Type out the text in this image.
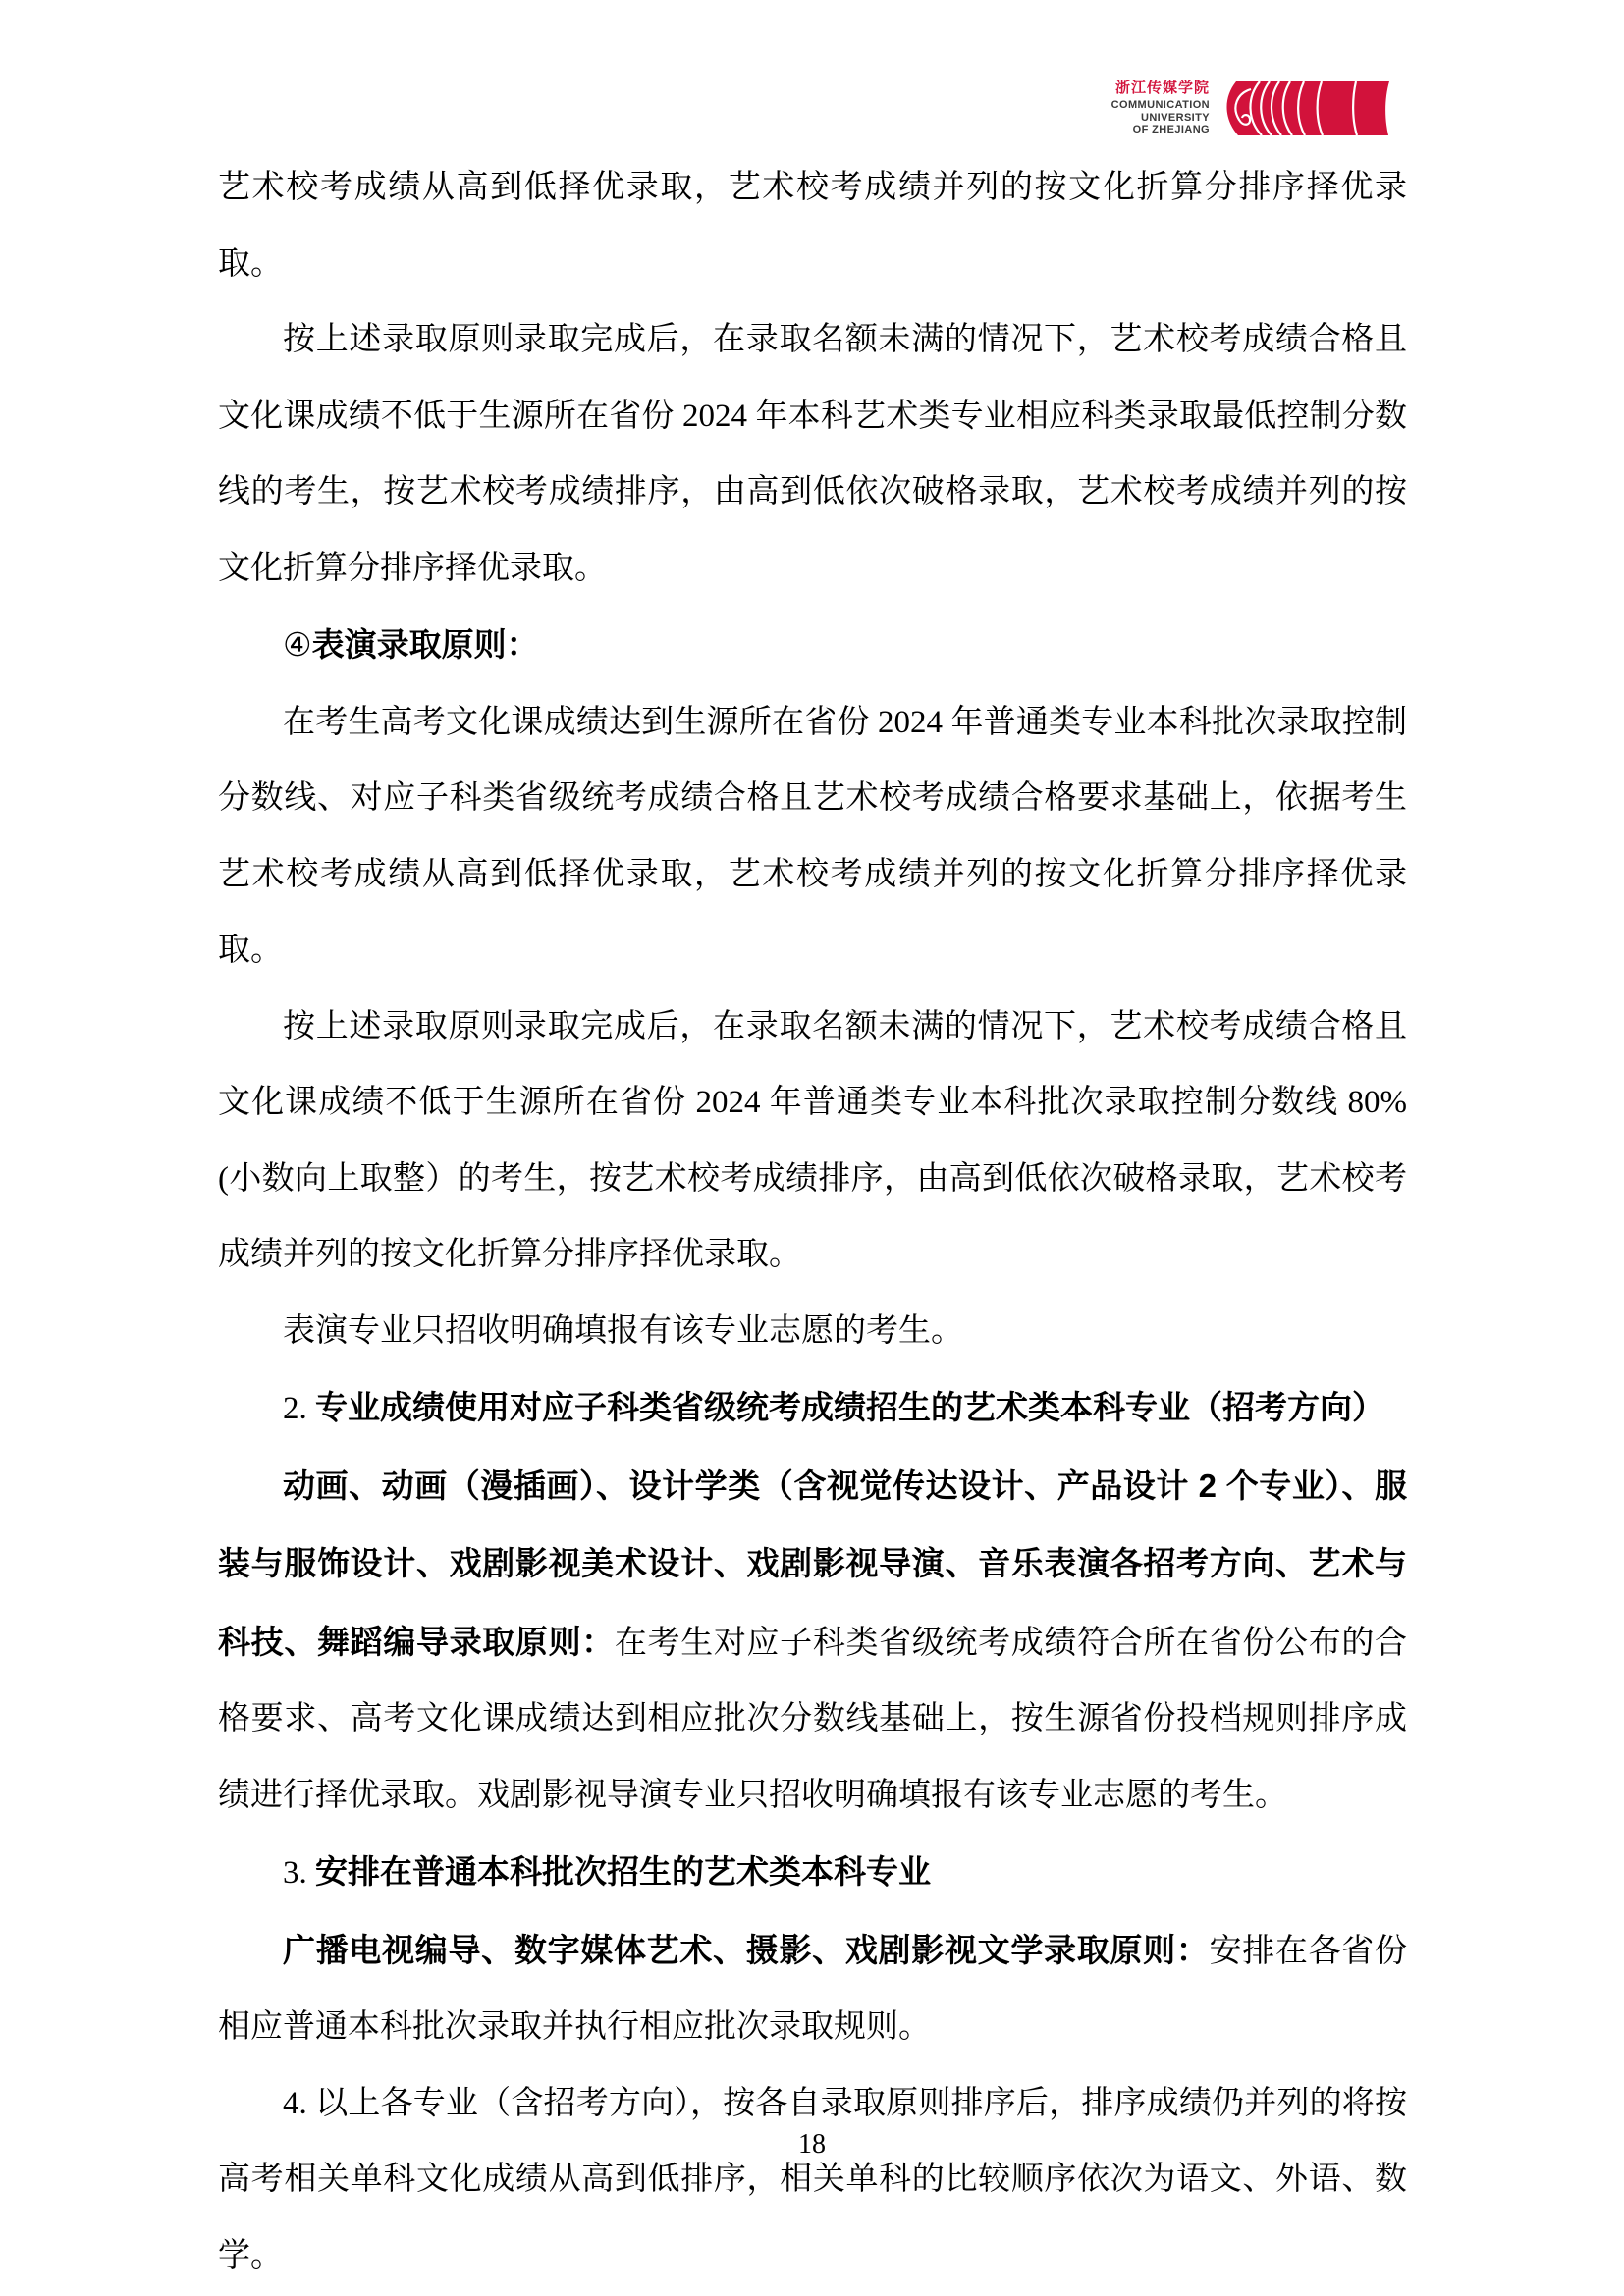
浙江传媒学院
COMMUNICATION
UNIVERSITY
OF ZHEJIANG

艺术校考成绩从高到低择优录取，艺术校考成绩并列的按文化折算分排序择优录取。

按上述录取原则录取完成后，在录取名额未满的情况下，艺术校考成绩合格且文化课成绩不低于生源所在省份 2024 年本科艺术类专业相应科类录取最低控制分数线的考生，按艺术校考成绩排序，由高到低依次破格录取，艺术校考成绩并列的按文化折算分排序择优录取。

④表演录取原则：

在考生高考文化课成绩达到生源所在省份 2024 年普通类专业本科批次录取控制分数线、对应子科类省级统考成绩合格且艺术校考成绩合格要求基础上，依据考生艺术校考成绩从高到低择优录取，艺术校考成绩并列的按文化折算分排序择优录取。

按上述录取原则录取完成后，在录取名额未满的情况下，艺术校考成绩合格且文化课成绩不低于生源所在省份 2024 年普通类专业本科批次录取控制分数线 80%(小数向上取整）的考生，按艺术校考成绩排序，由高到低依次破格录取，艺术校考成绩并列的按文化折算分排序择优录取。

表演专业只招收明确填报有该专业志愿的考生。

2. 专业成绩使用对应子科类省级统考成绩招生的艺术类本科专业（招考方向）

动画、动画（漫插画）、设计学类（含视觉传达设计、产品设计 2 个专业）、服装与服饰设计、戏剧影视美术设计、戏剧影视导演、音乐表演各招考方向、艺术与科技、舞蹈编导录取原则：在考生对应子科类省级统考成绩符合所在省份公布的合格要求、高考文化课成绩达到相应批次分数线基础上，按生源省份投档规则排序成绩进行择优录取。戏剧影视导演专业只招收明确填报有该专业志愿的考生。

3. 安排在普通本科批次招生的艺术类本科专业

广播电视编导、数字媒体艺术、摄影、戏剧影视文学录取原则：安排在各省份相应普通本科批次录取并执行相应批次录取规则。

4. 以上各专业（含招考方向），按各自录取原则排序后，排序成绩仍并列的将按高考相关单科文化成绩从高到低排序，相关单科的比较顺序依次为语文、外语、数学。

18
